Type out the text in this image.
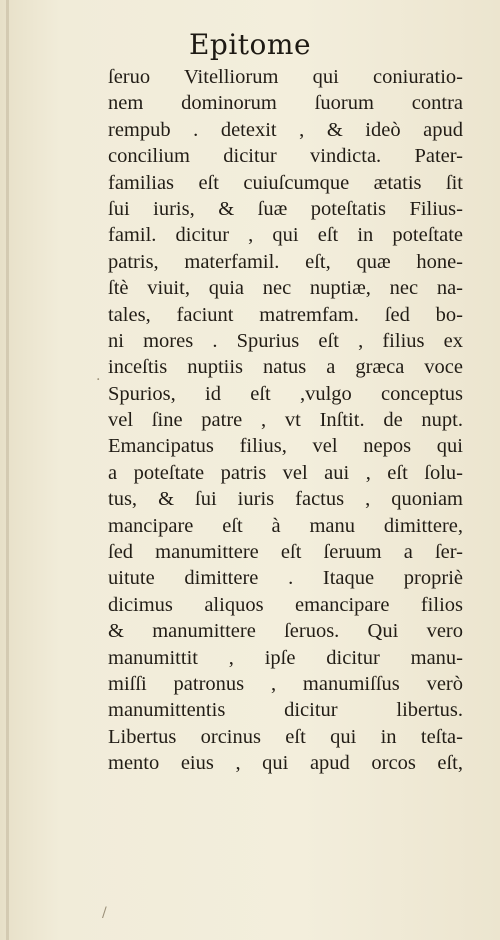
Epitome
ſeruo Vitelliorum qui coniuratio-
nem dominorum ſuorum contra
rempub . detexit , & ideò apud
concilium dicitur vindicta. Pater-
familias eſt cuiuſcumque ætatis ſit
ſui iuris, & ſuæ poteſtatis Filius-
famil. dicitur , qui eſt in poteſtate
patris, materfamil. eſt, quæ hone-
ſtè viuit, quia nec nuptiæ, nec na-
tales, faciunt matremfam. ſed bo-
ni mores . Spurius eſt , filius ex
inceſtis nuptiis natus a græca voce
Spurios, id eſt ,vulgo conceptus
vel ſine patre , vt Inſtit. de nupt.
Emancipatus filius, vel nepos qui
a poteſtate patris vel aui , eſt ſolu-
tus, & ſui iuris factus , quoniam
mancipare eſt à manu dimittere,
ſed manumittere eſt ſeruum a ſer-
uitute dimittere . Itaque propriè
dicimus aliquos emancipare filios
& manumittere ſeruos. Qui vero
manumittit , ipſe dicitur manu-
miſſi patronus , manumiſſus verò
manumittentis dicitur libertus.
Libertus orcinus eſt qui in teſta-
mento eius , qui apud orcos eſt,
.
/
